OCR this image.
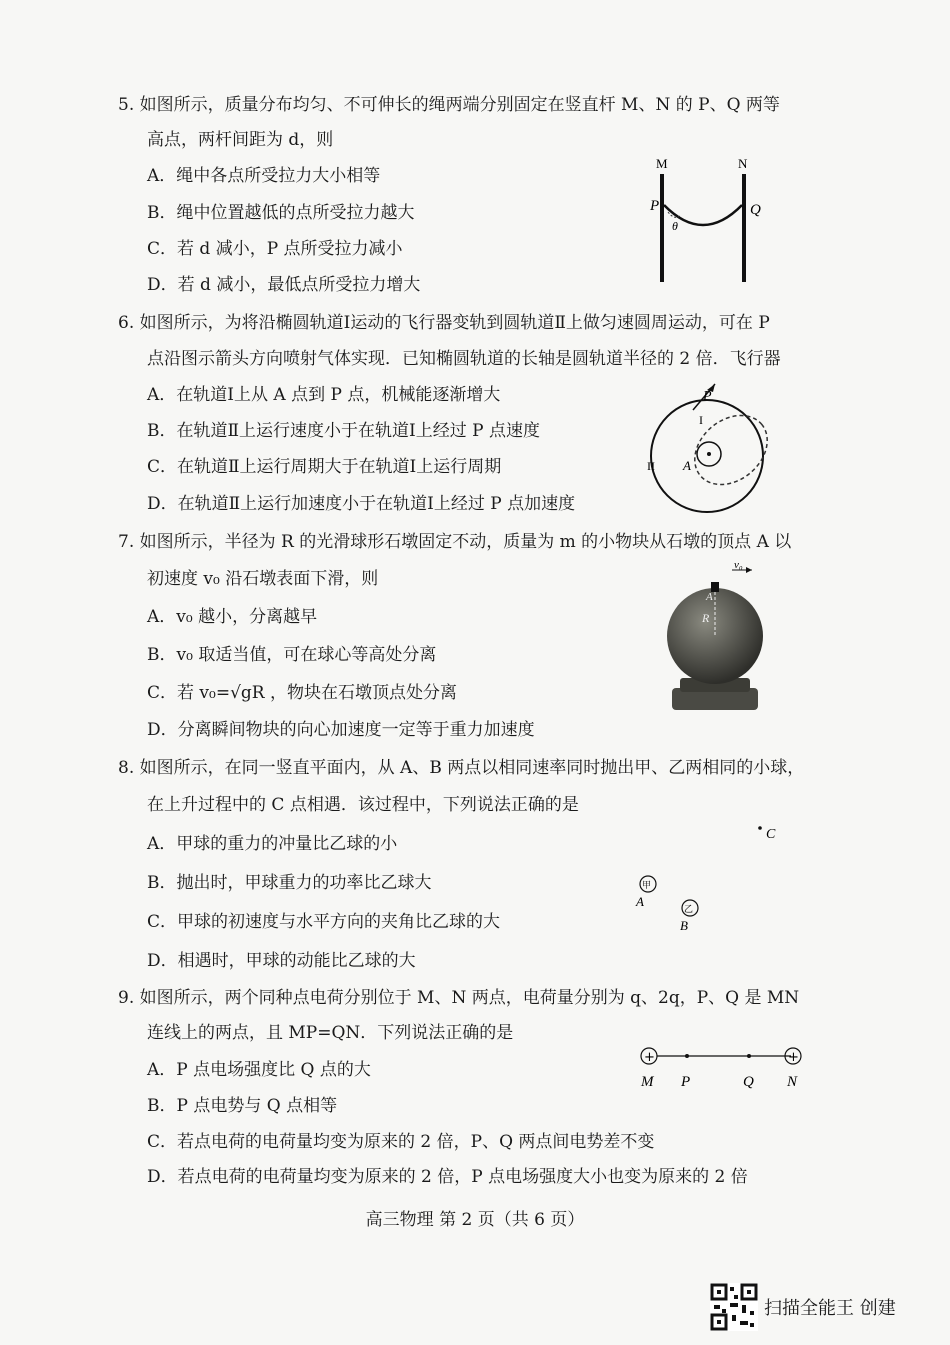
5. 如图所示，质量分布均匀、不可伸长的绳两端分别固定在竖直杆 M、N 的 P、Q 两等
高点，两杆间距为 d，则
A．绳中各点所受拉力大小相等
B．绳中位置越低的点所受拉力越大
C．若 d 减小，P 点所受拉力减小
D．若 d 减小，最低点所受拉力增大
M	N
P	Q
θ
6. 如图所示，为将沿椭圆轨道Ⅰ运动的飞行器变轨到圆轨道Ⅱ上做匀速圆周运动，可在 P
点沿图示箭头方向喷射气体实现．已知椭圆轨道的长轴是圆轨道半径的 2 倍．飞行器
A．在轨道Ⅰ上从 A 点到 P 点，机械能逐渐增大
B．在轨道Ⅱ上运行速度小于在轨道Ⅰ上经过 P 点速度
C．在轨道Ⅱ上运行周期大于在轨道Ⅰ上运行周期
D．在轨道Ⅱ上运行加速度小于在轨道Ⅰ上经过 P 点加速度
P
I
II A
7. 如图所示，半径为 R 的光滑球形石墩固定不动，质量为 m 的小物块从石墩的顶点 A 以
初速度 v₀ 沿石墩表面下滑，则
A．v₀ 越小，分离越早
B．v₀ 取适当值，可在球心等高处分离
C．若 v₀=√gR ，物块在石墩顶点处分离
D．分离瞬间物块的向心加速度一定等于重力加速度
v₀
A
R
8. 如图所示，在同一竖直平面内，从 A、B 两点以相同速率同时抛出甲、乙两相同的小球，
在上升过程中的 C 点相遇．该过程中，下列说法正确的是
A．甲球的重力的冲量比乙球的小
B．抛出时，甲球重力的功率比乙球大
C．甲球的初速度与水平方向的夹角比乙球的大
D．相遇时，甲球的动能比乙球的大
C
甲
A
乙
B
9. 如图所示，两个同种点电荷分别位于 M、N 两点，电荷量分别为 q、2q，P、Q 是 MN
连线上的两点，且 MP=QN．下列说法正确的是
A．P 点电场强度比 Q 点的大
B．P 点电势与 Q 点相等
C．若点电荷的电荷量均变为原来的 2 倍，P、Q 两点间电势差不变
D．若点电荷的电荷量均变为原来的 2 倍，P 点电场强度大小也变为原来的 2 倍
+	+
M P	Q N
高三物理 第 2 页（共 6 页）
扫描全能王 创建
